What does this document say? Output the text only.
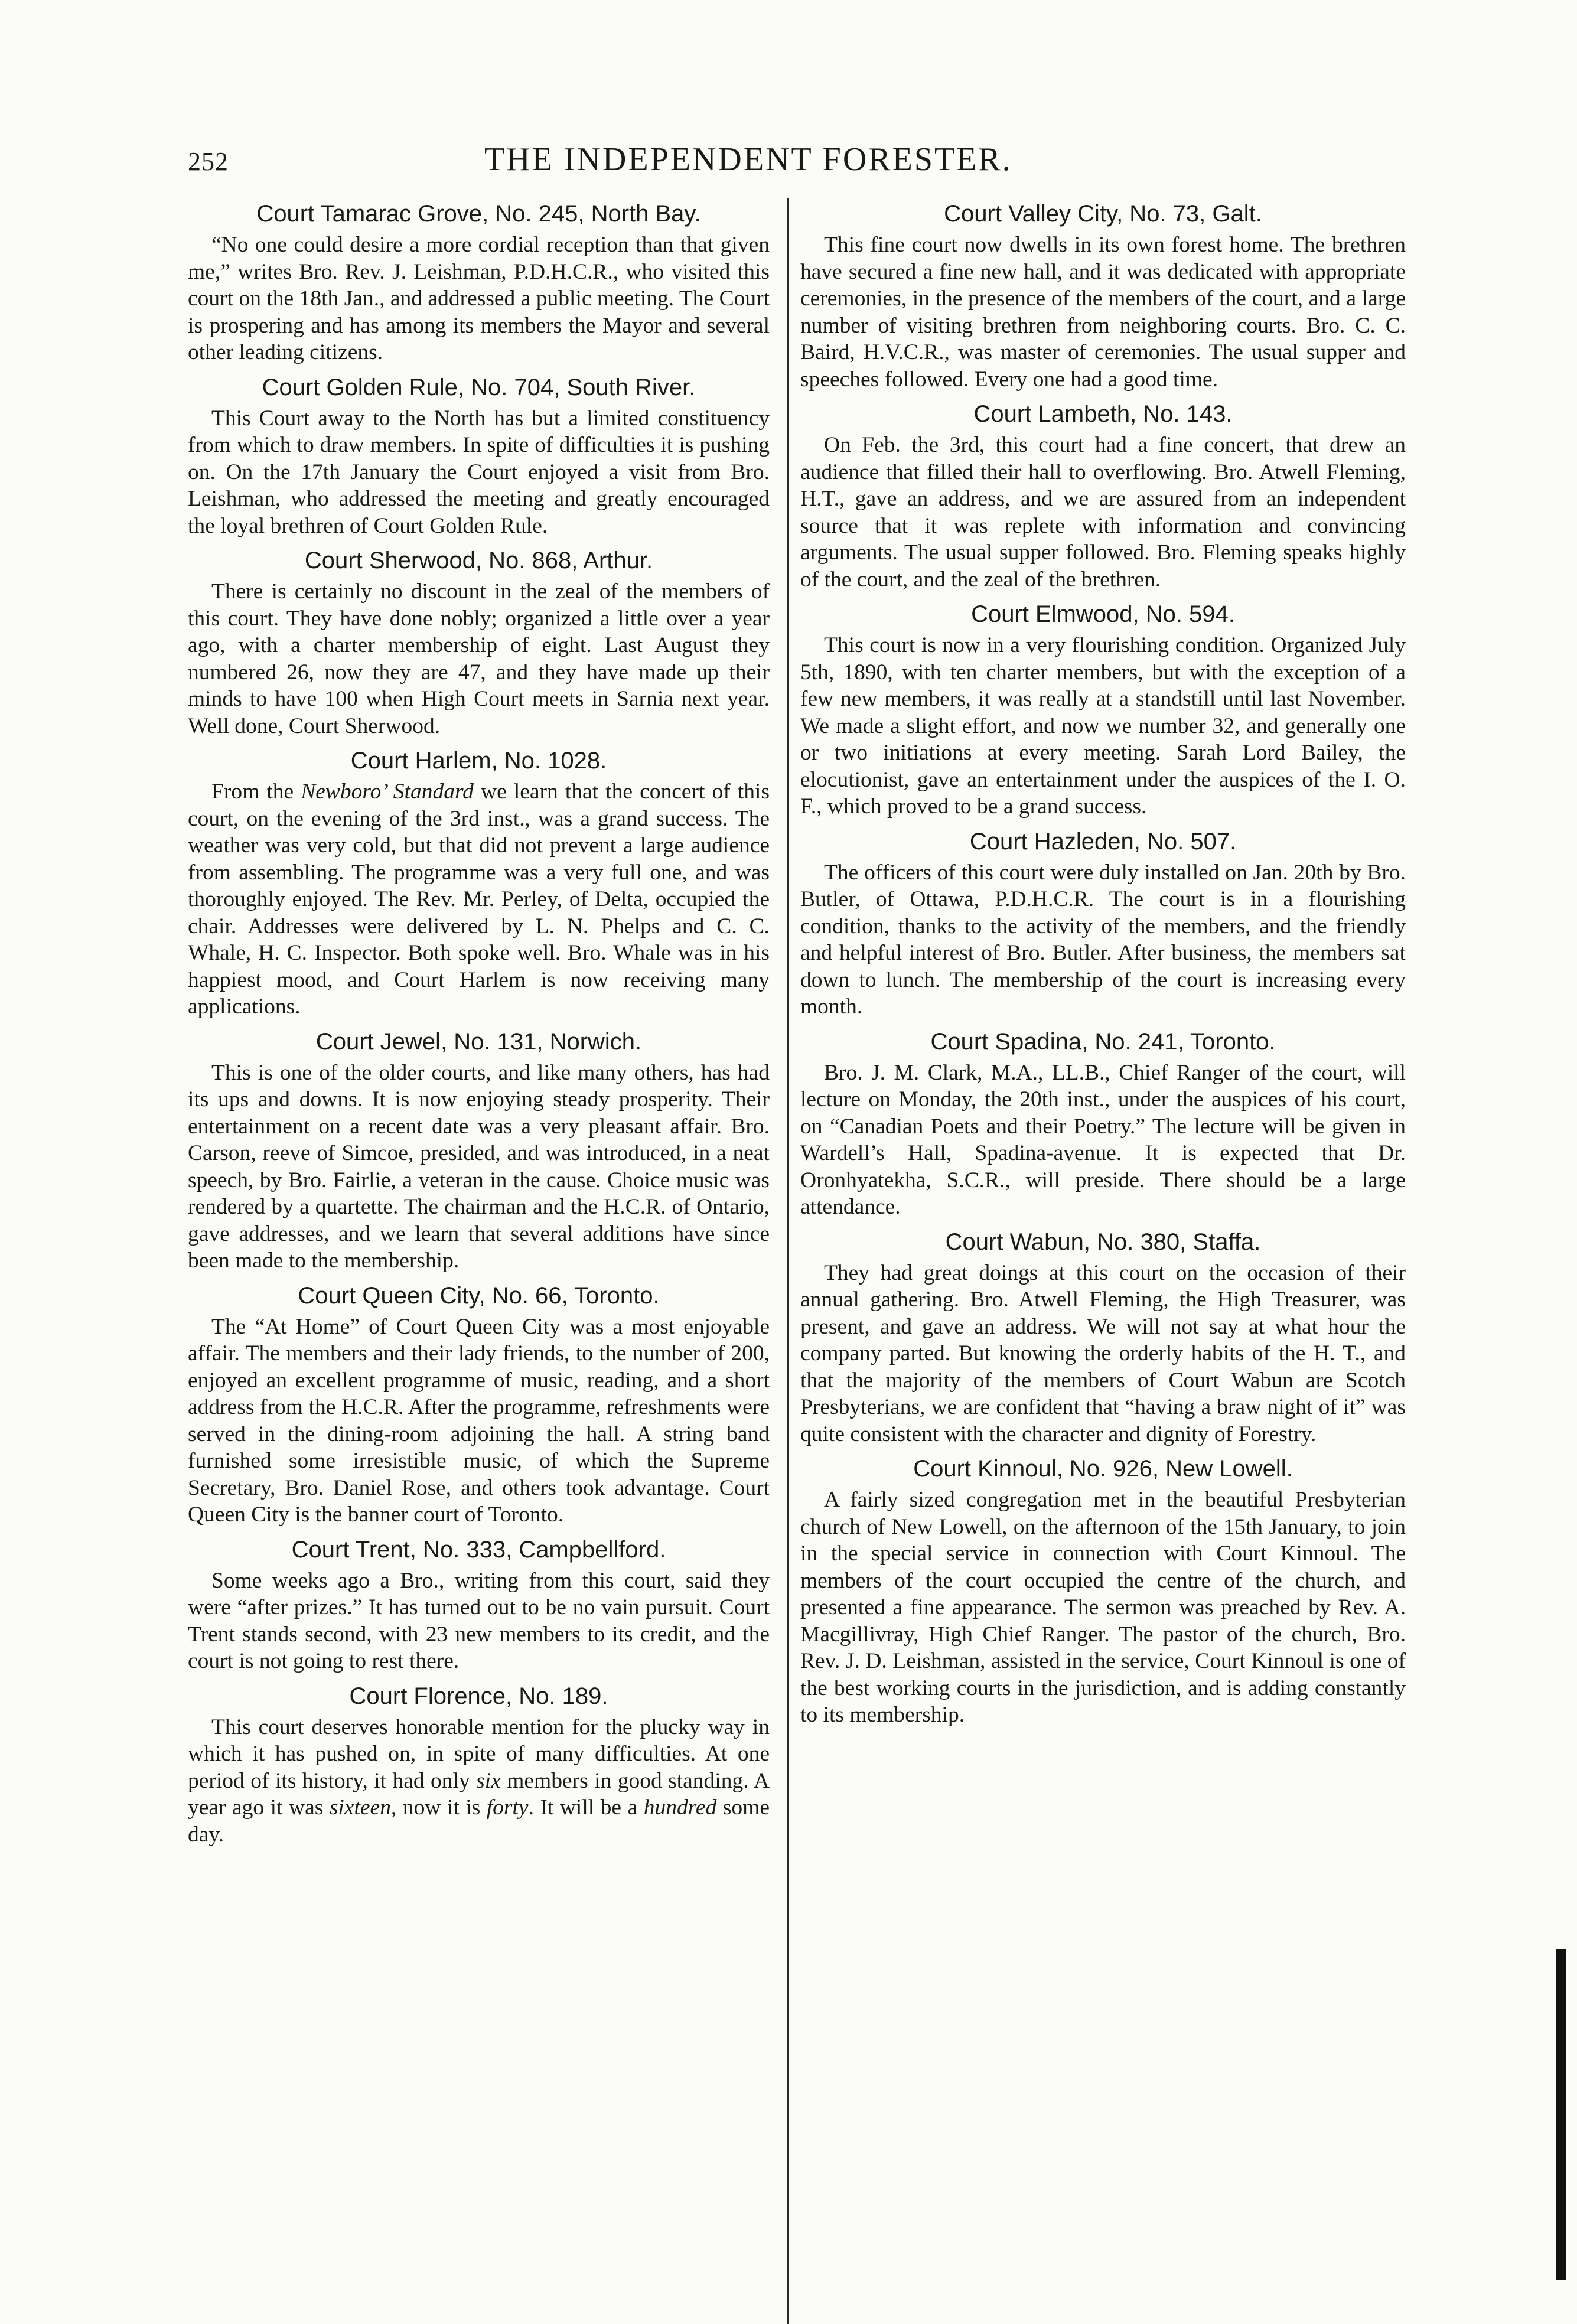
252	THE INDEPENDENT FORESTER.
Court Tamarac Grove, No. 245, North Bay.

“No one could desire a more cordial reception than that given me,” writes Bro. Rev. J. Leishman, P.D.H.C.R., who visited this court on the 18th Jan., and addressed a public meeting. The Court is prospering and has among its members the Mayor and several other leading citizens.

Court Golden Rule, No. 704, South River.

This Court away to the North has but a limited constituency from which to draw members. In spite of difficulties it is pushing on. On the 17th January the Court enjoyed a visit from Bro. Leishman, who addressed the meeting and greatly encouraged the loyal brethren of Court Golden Rule.

Court Sherwood, No. 868, Arthur.

There is certainly no discount in the zeal of the members of this court. They have done nobly; organized a little over a year ago, with a charter membership of eight. Last August they numbered 26, now they are 47, and they have made up their minds to have 100 when High Court meets in Sarnia next year. Well done, Court Sherwood.

Court Harlem, No. 1028.

From the Newboro’ Standard we learn that the concert of this court, on the evening of the 3rd inst., was a grand success. The weather was very cold, but that did not prevent a large audience from assembling. The programme was a very full one, and was thoroughly enjoyed. The Rev. Mr. Perley, of Delta, occupied the chair. Addresses were delivered by L. N. Phelps and C. C. Whale, H. C. Inspector. Both spoke well. Bro. Whale was in his happiest mood, and Court Harlem is now receiving many applications.

Court Jewel, No. 131, Norwich.

This is one of the older courts, and like many others, has had its ups and downs. It is now enjoying steady prosperity. Their entertainment on a recent date was a very pleasant affair. Bro. Carson, reeve of Simcoe, presided, and was introduced, in a neat speech, by Bro. Fairlie, a veteran in the cause. Choice music was rendered by a quartette. The chairman and the H.C.R. of Ontario, gave addresses, and we learn that several additions have since been made to the membership.

Court Queen City, No. 66, Toronto.

The “At Home” of Court Queen City was a most enjoyable affair. The members and their lady friends, to the number of 200, enjoyed an excellent programme of music, reading, and a short address from the H.C.R. After the programme, refreshments were served in the dining-room adjoining the hall. A string band furnished some irresistible music, of which the Supreme Secretary, Bro. Daniel Rose, and others took advantage. Court Queen City is the banner court of Toronto.

Court Trent, No. 333, Campbellford.

Some weeks ago a Bro., writing from this court, said they were “after prizes.” It has turned out to be no vain pursuit. Court Trent stands second, with 23 new members to its credit, and the court is not going to rest there.

Court Florence, No. 189.

This court deserves honorable mention for the plucky way in which it has pushed on, in spite of many difficulties. At one period of its history, it had only six members in good standing. A year ago it was sixteen, now it is forty. It will be a hundred some day.

Court Valley City, No. 73, Galt.

This fine court now dwells in its own forest home. The brethren have secured a fine new hall, and it was dedicated with appropriate ceremonies, in the presence of the members of the court, and a large number of visiting brethren from neighboring courts. Bro. C. C. Baird, H.V.C.R., was master of ceremonies. The usual supper and speeches followed. Every one had a good time.

Court Lambeth, No. 143.

On Feb. the 3rd, this court had a fine concert, that drew an audience that filled their hall to overflowing. Bro. Atwell Fleming, H.T., gave an address, and we are assured from an independent source that it was replete with information and convincing arguments. The usual supper followed. Bro. Fleming speaks highly of the court, and the zeal of the brethren.

Court Elmwood, No. 594.

This court is now in a very flourishing condition. Organized July 5th, 1890, with ten charter members, but with the exception of a few new members, it was really at a standstill until last November. We made a slight effort, and now we number 32, and generally one or two initiations at every meeting. Sarah Lord Bailey, the elocutionist, gave an entertainment under the auspices of the I. O. F., which proved to be a grand success.

Court Hazleden, No. 507.

The officers of this court were duly installed on Jan. 20th by Bro. Butler, of Ottawa, P.D.H.C.R. The court is in a flourishing condition, thanks to the activity of the members, and the friendly and helpful interest of Bro. Butler. After business, the members sat down to lunch. The membership of the court is increasing every month.

Court Spadina, No. 241, Toronto.

Bro. J. M. Clark, M.A., LL.B., Chief Ranger of the court, will lecture on Monday, the 20th inst., under the auspices of his court, on “Canadian Poets and their Poetry.” The lecture will be given in Wardell’s Hall, Spadina-avenue. It is expected that Dr. Oronhyatekha, S.C.R., will preside. There should be a large attendance.

Court Wabun, No. 380, Staffa.

They had great doings at this court on the occasion of their annual gathering. Bro. Atwell Fleming, the High Treasurer, was present, and gave an address. We will not say at what hour the company parted. But knowing the orderly habits of the H. T., and that the majority of the members of Court Wabun are Scotch Presbyterians, we are confident that “having a braw night of it” was quite consistent with the character and dignity of Forestry.

Court Kinnoul, No. 926, New Lowell.

A fairly sized congregation met in the beautiful Presbyterian church of New Lowell, on the afternoon of the 15th January, to join in the special service in connection with Court Kinnoul. The members of the court occupied the centre of the church, and presented a fine appearance. The sermon was preached by Rev. A. Macgillivray, High Chief Ranger. The pastor of the church, Bro. Rev. J. D. Leishman, assisted in the service, Court Kinnoul is one of the best working courts in the jurisdiction, and is adding constantly to its membership.
